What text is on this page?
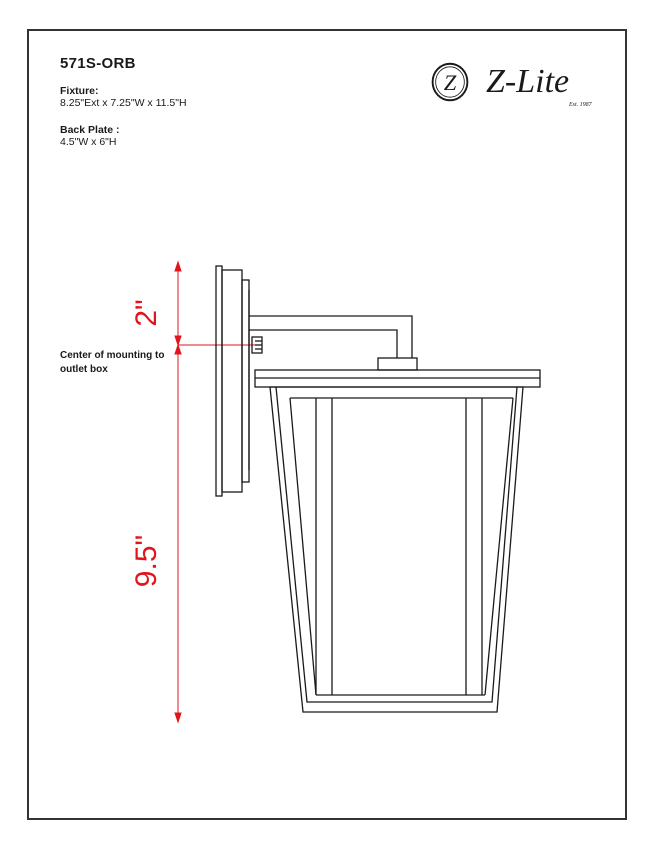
571S-ORB
Fixture:
8.25"Ext x 7.25"W x 11.5"H
Back Plate :
4.5"W x 6"H
Z Z-Lite
Est. 1987
Center of mounting to outlet box
2"
9.5"
